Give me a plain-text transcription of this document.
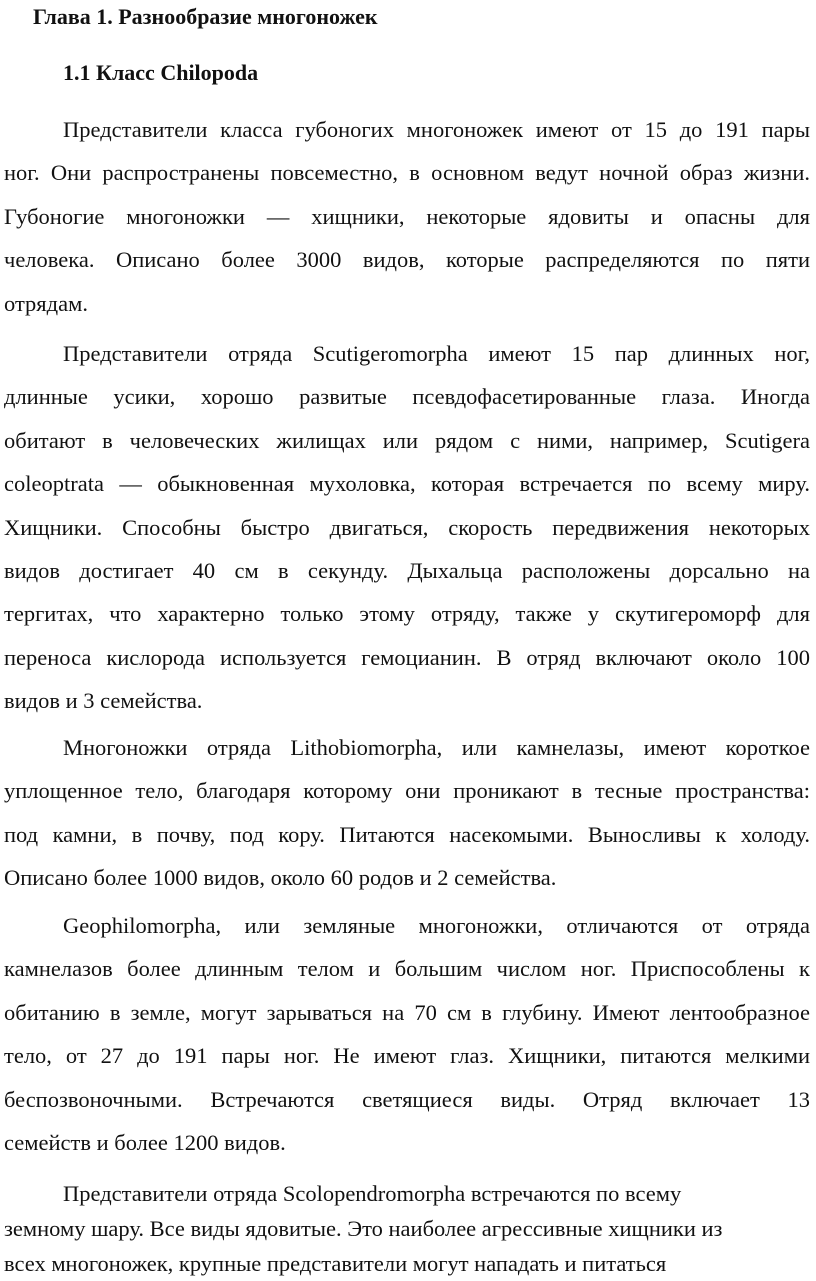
Глава 1. Разнообразие многоножек
1.1 Класс Chilopoda
Представители класса губоногих многоножек имеют от 15 до 191 пары
ног. Они распространены повсеместно, в основном ведут ночной образ жизни.
Губоногие многоножки — хищники, некоторые ядовиты и опасны для
человека. Описано более 3000 видов, которые распределяются по пяти
отрядам.
Представители отряда Scutigeromorpha имеют 15 пар длинных ног,
длинные усики, хорошо развитые псевдофасетированные глаза. Иногда
обитают в человеческих жилищах или рядом с ними, например, Scutigera
coleoptrata — обыкновенная мухоловка, которая встречается по всему миру.
Хищники. Способны быстро двигаться, скорость передвижения некоторых
видов достигает 40 см в секунду. Дыхальца расположены дорсально на
тергитах, что характерно только этому отряду, также у скутигероморф для
переноса кислорода используется гемоцианин. В отряд включают около 100
видов и 3 семейства.
Многоножки отряда Lithobiomorpha, или камнелазы, имеют короткое
уплощенное тело, благодаря которому они проникают в тесные пространства:
под камни, в почву, под кору. Питаются насекомыми. Выносливы к холоду.
Описано более 1000 видов, около 60 родов и 2 семейства.
Geophilomorpha, или земляные многоножки, отличаются от отряда
камнелазов более длинным телом и большим числом ног. Приспособлены к
обитанию в земле, могут зарываться на 70 см в глубину. Имеют лентообразное
тело, от 27 до 191 пары ног. Не имеют глаз. Хищники, питаются мелкими
беспозвоночными. Встречаются светящиеся виды. Отряд включает 13
семейств и более 1200 видов.
Представители отряда Scolopendromorpha встречаются по всему
земному шару. Все виды ядовитые. Это наиболее агрессивные хищники из
всех многоножек, крупные представители могут нападать и питаться
